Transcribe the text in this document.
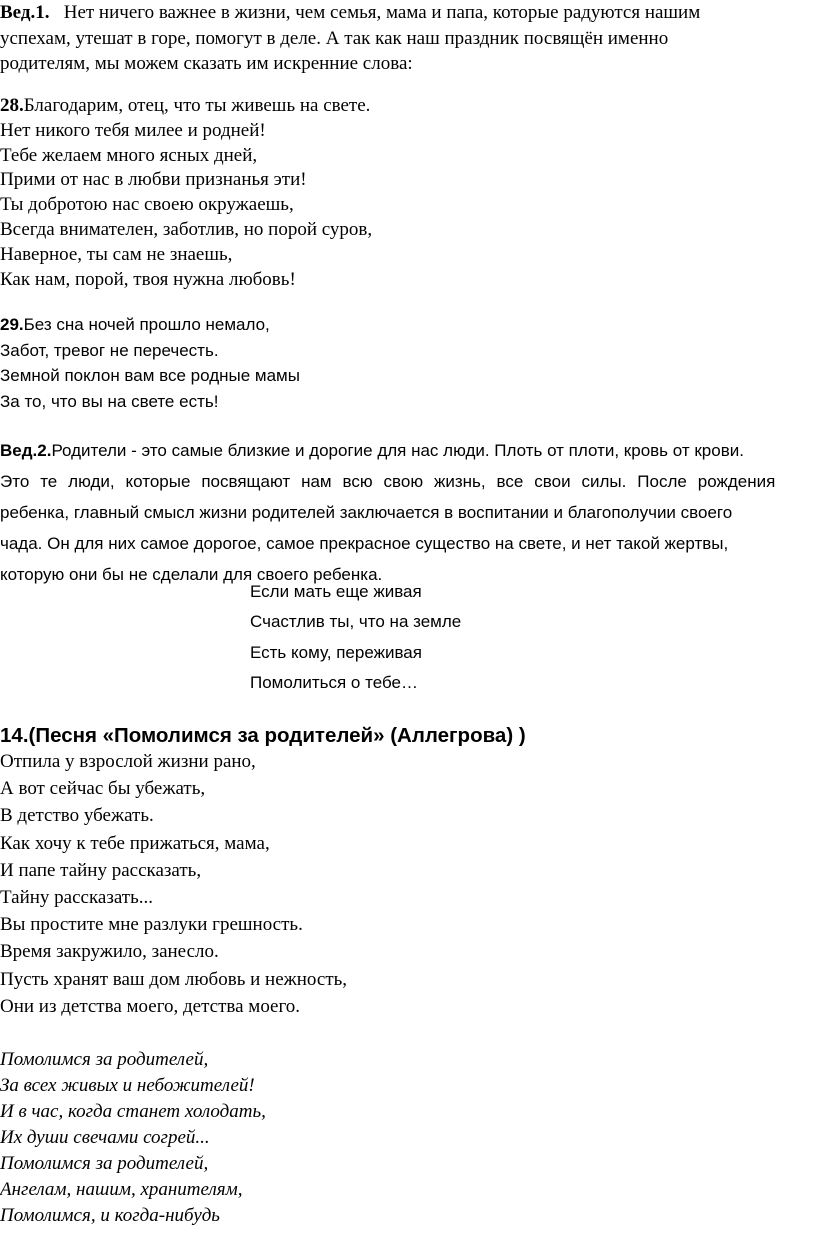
Вед.1. Нет ничего важнее в жизни, чем семья, мама и папа, которые радуются нашим
успехам, утешат в горе, помогут в деле. А так как наш праздник посвящён именно
родителям, мы можем сказать им искренние слова:
28.Благодарим, отец, что ты живешь на свете.
Нет никого тебя милее и родней!
Тебе желаем много ясных дней,
Прими от нас в любви признанья эти!
Ты добротою нас своею окружаешь,
Всегда внимателен, заботлив, но порой суров,
Наверное, ты сам не знаешь,
Как нам, порой, твоя нужна любовь!
29.Без сна ночей прошло немало,
Забот, тревог не перечесть.
Земной поклон вам все родные мамы
За то, что вы на свете есть!
Вед.2.Родители - это самые близкие и дорогие для нас люди. Плоть от плоти, кровь от крови.
Это те люди, которые посвящают нам всю свою жизнь, все свои силы. После рождения
ребенка, главный смысл жизни родителей заключается в воспитании и благополучии своего
чада. Он для них самое дорогое, самое прекрасное существо на свете, и нет такой жертвы,
которую они бы не сделали для своего ребенка.
Если мать еще живая
Счастлив ты, что на земле
Есть кому, переживая
Помолиться о тебе…
14.(Песня «Помолимся за родителей» (Аллегрова) )
Отпила у взрослой жизни рано,
А вот сейчас бы убежать,
В детство убежать.
Как хочу к тебе прижаться, мама,
И папе тайну рассказать,
Тайну рассказать...
Вы простите мне разлуки грешность.
Время закружило, занесло.
Пусть хранят ваш дом любовь и нежность,
Они из детства моего, детства моего.
Помолимся за родителей,
За всех живых и небожителей!
И в час, когда станет холодать,
Их души свечами согрей...
Помолимся за родителей,
Ангелам, нашим, хранителям,
Помолимся, и когда-нибудь
